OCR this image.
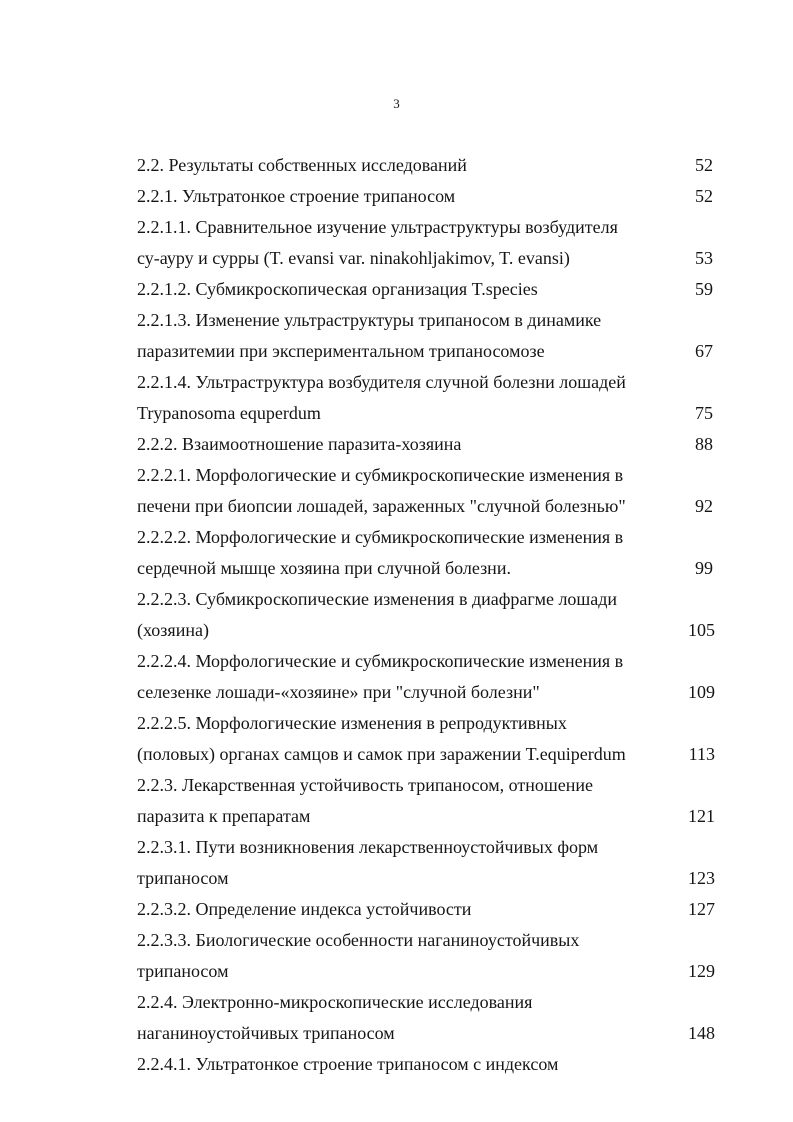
3
2.2. Результаты собственных исследований	52
2.2.1. Ультратонкое строение трипаносом	52
2.2.1.1. Сравнительное изучение ультраструктуры возбудителя
су-ауру и сурры (T. evansi var. ninakohljakimov, T. evansi)	53
2.2.1.2. Субмикроскопическая организация T.species	59
2.2.1.3. Изменение ультраструктуры трипаносом в динамике
паразитемии при экспериментальном трипаносомозе	67
2.2.1.4. Ультраструктура возбудителя случной болезни лошадей
Trypanosoma equperdum	75
2.2.2. Взаимоотношение паразита-хозяина	88
2.2.2.1. Морфологические и субмикроскопические изменения в
печени при биопсии лошадей, зараженных "случной болезнью"	92
2.2.2.2. Морфологические и субмикроскопические изменения в
сердечной мышце хозяина при случной болезни.	99
2.2.2.3. Субмикроскопические изменения в диафрагме лошади
(хозяина)	105
2.2.2.4. Морфологические и субмикроскопические изменения в
селезенке лошади-«хозяине» при "случной болезни"	109
2.2.2.5. Морфологические изменения в репродуктивных
(половых) органах самцов и самок при заражении T.equiperdum	113
2.2.3. Лекарственная устойчивость трипаносом, отношение
паразита к препаратам	121
2.2.3.1. Пути возникновения лекарственноустойчивых форм
трипаносом	123
2.2.3.2. Определение индекса устойчивости	127
2.2.3.3. Биологические особенности наганиноустойчивых
трипаносом	129
2.2.4. Электронно-микроскопические исследования
наганиноустойчивых трипаносом	148
2.2.4.1. Ультратонкое строение трипаносом с индексом
